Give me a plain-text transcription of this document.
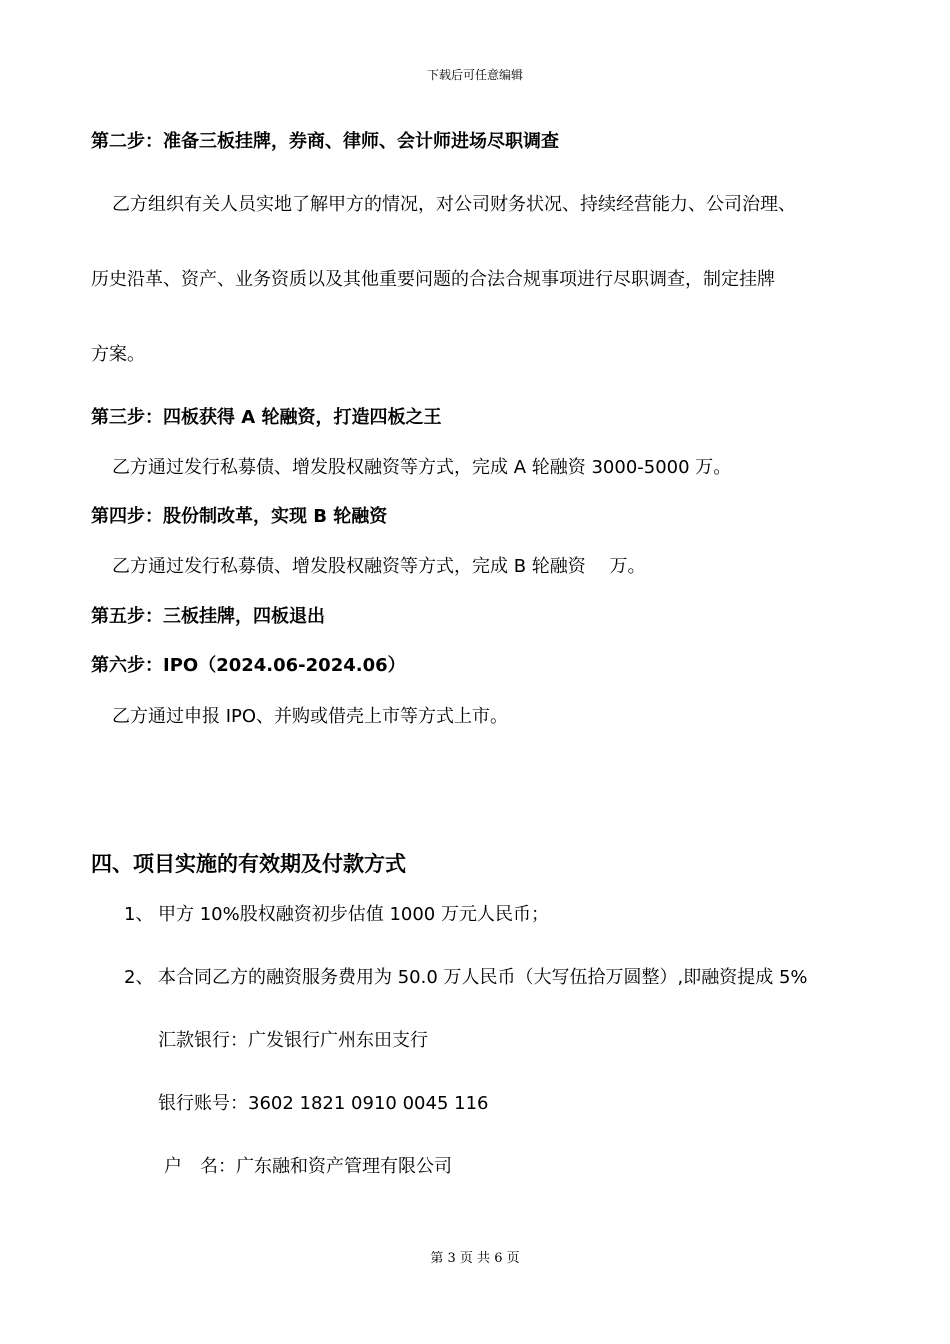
下载后可任意编辑
第二步：准备三板挂牌，券商、律师、会计师进场尽职调查
乙方组织有关人员实地了解甲方的情况，对公司财务状况、持续经营能力、公司治理、
历史沿革、资产、业务资质以及其他重要问题的合法合规事项进行尽职调查，制定挂牌
方案。
第三步：四板获得 A 轮融资，打造四板之王
乙方通过发行私募债、增发股权融资等方式，完成 A 轮融资 3000-5000 万。
第四步：股份制改革，实现 B 轮融资
乙方通过发行私募债、增发股权融资等方式，完成 B 轮融资　 万。
第五步：三板挂牌，四板退出
第六步：IPO（2024.06-2024.06）
乙方通过申报 IPO、并购或借壳上市等方式上市。
四、项目实施的有效期及付款方式
1、 甲方 10%股权融资初步估值 1000 万元人民币；
2、 本合同乙方的融资服务费用为 50.0 万人民币（大写伍拾万圆整）,即融资提成 5%
汇款银行：广发银行广州东田支行
银行账号：3602 1821 0910 0045 116
户　名：广东融和资产管理有限公司
第 3 页 共 6 页
